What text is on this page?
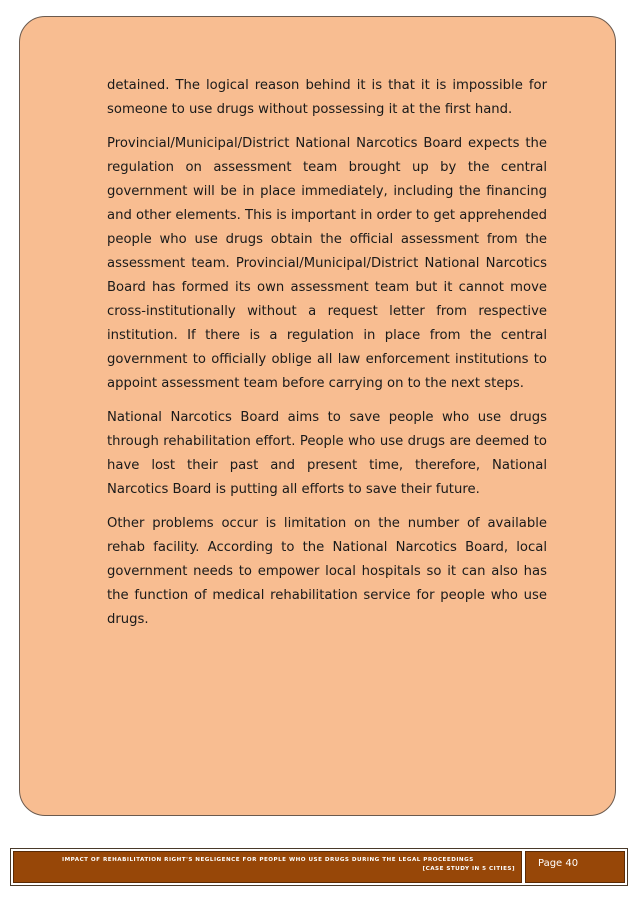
detained. The logical reason behind it is that it is impossible for someone to use drugs without possessing it at the first hand.

Provincial/Municipal/District National Narcotics Board expects the regulation on assessment team brought up by the central government will be in place immediately, including the financing and other elements. This is important in order to get apprehended people who use drugs obtain the official assessment from the assessment team. Provincial/Municipal/District National Narcotics Board has formed its own assessment team but it cannot move cross-institutionally without a request letter from respective institution. If there is a regulation in place from the central government to officially oblige all law enforcement institutions to appoint assessment team before carrying on to the next steps.

National Narcotics Board aims to save people who use drugs through rehabilitation effort. People who use drugs are deemed to have lost their past and present time, therefore, National Narcotics Board is putting all efforts to save their future.

Other problems occur is limitation on the number of available rehab facility. According to the National Narcotics Board, local government needs to empower local hospitals so it can also has the function of medical rehabilitation service for people who use drugs.

IMPACT OF REHABILITATION RIGHT'S NEGLIGENCE FOR PEOPLE WHO USE DRUGS DURING THE LEGAL PROCEEDINGS
[CASE STUDY IN 5 CITIES]	Page 40
